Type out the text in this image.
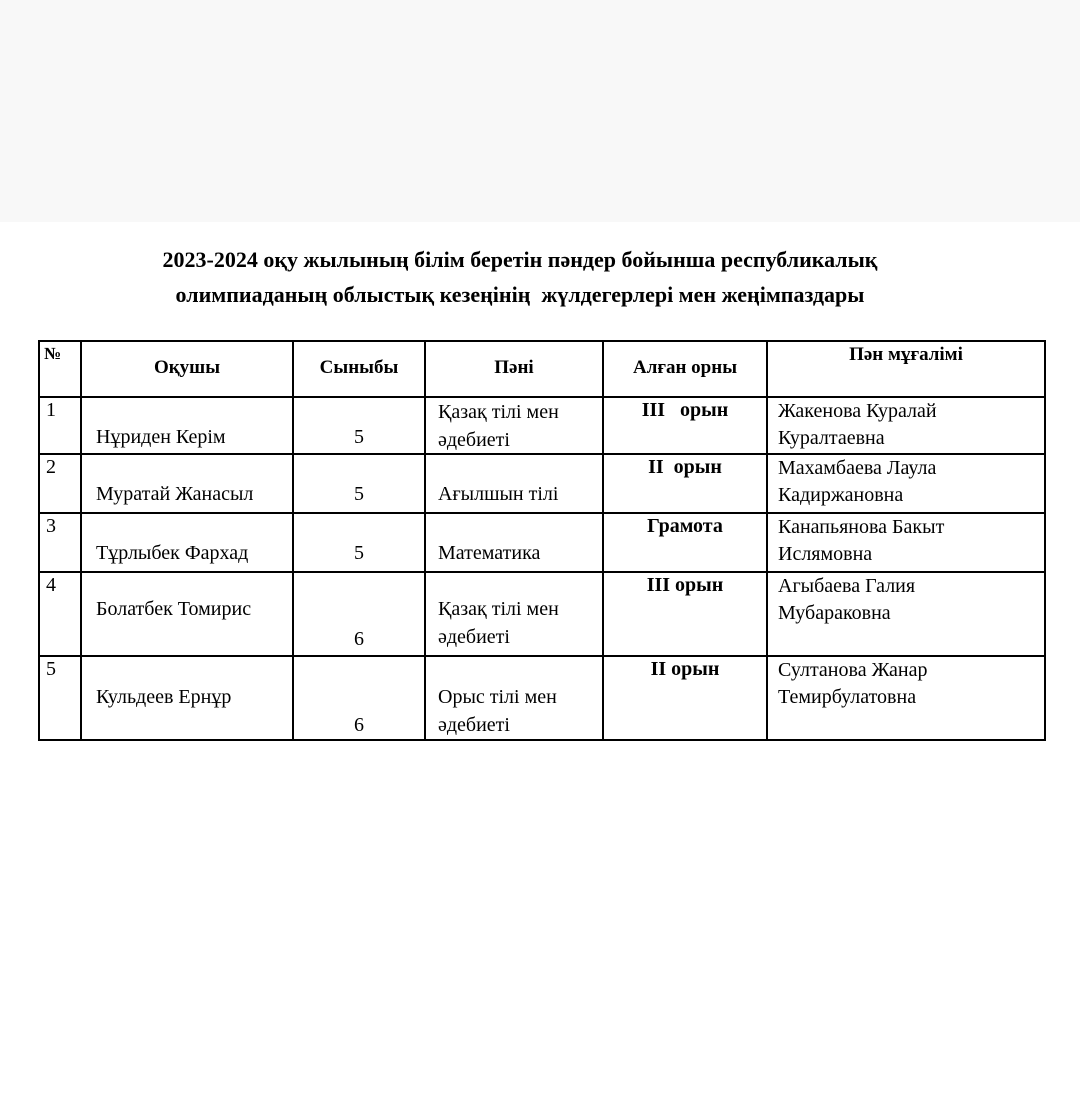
2023-2024 оқу жылының білім беретін пәндер бойынша республикалық
олимпиаданың облыстық кезеңінің  жүлдегерлері мен жеңімпаздары
№	Оқушы	Сыныбы	Пәні	Алған орны	Пән мұғалімі

1	Нұриден Керім	5	Қазақ тілі мен
әдебиеті	III   орын	Жакенова Куралай
Куралтаевна

2	Муратай Жанасыл	5	Ағылшын тілі	II  орын	Махамбаева Лаула
Кадиржановна

3	Тұрлыбек Фархад	5	Математика	Грамота	Канапьянова Бакыт
Ислямовна

4	Болатбек Томирис	6	Қазақ тілі мен
әдебиеті	III орын	Агыбаева Галия
Мубараковна

5	Кульдеев Ернұр	6	Орыс тілі мен
әдебиеті	II орын	Султанова Жанар
Темирбулатовна
